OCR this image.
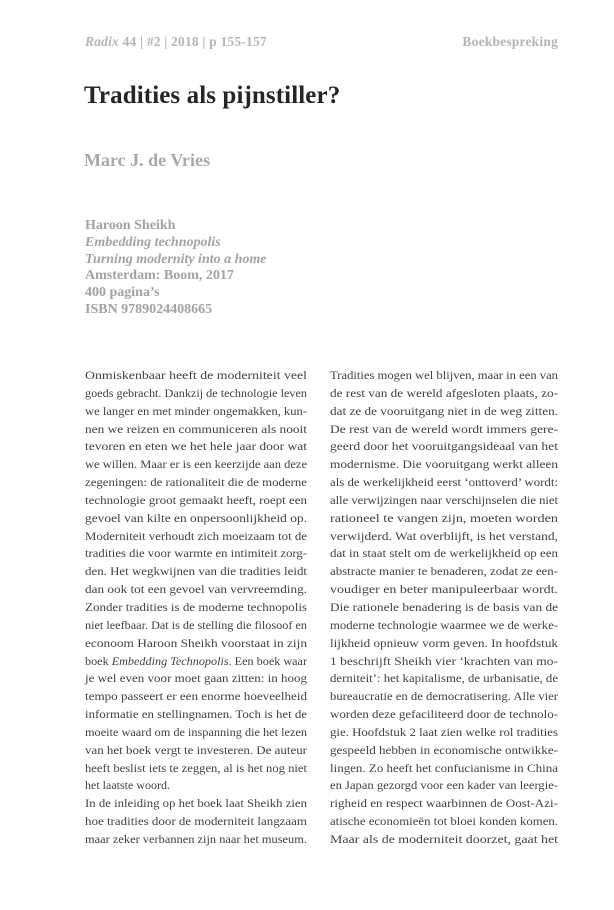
Radix 44 | #2 | 2018 | p 155-157	Boekbespreking
Tradities als pijnstiller?
Marc J. de Vries
Haroon Sheikh
Embedding technopolis
Turning modernity into a home
Amsterdam: Boom, 2017
400 pagina’s
ISBN 9789024408665
Onmiskenbaar heeft de moderniteit veel
goeds gebracht. Dankzij de technologie leven
we langer en met minder ongemakken, kun-
nen we reizen en communiceren als nooit
tevoren en eten we het hele jaar door wat
we willen. Maar er is een keerzijde aan deze
zegeningen: de rationaliteit die de moderne
technologie groot gemaakt heeft, roept een
gevoel van kilte en onpersoonlijkheid op.
Moderniteit verhoudt zich moeizaam tot de
tradities die voor warmte en intimiteit zorg-
den. Het wegkwijnen van die tradities leidt
dan ook tot een gevoel van vervreemding.
Zonder tradities is de moderne technopolis
niet leefbaar. Dat is de stelling die filosoof en
econoom Haroon Sheikh voorstaat in zijn
boek Embedding Technopolis. Een boek waar
je wel even voor moet gaan zitten: in hoog
tempo passeert er een enorme hoeveelheid
informatie en stellingnamen. Toch is het de
moeite waard om de inspanning die het lezen
van het boek vergt te investeren. De auteur
heeft beslist iets te zeggen, al is het nog niet
het laatste woord.
In de inleiding op het boek laat Sheikh zien
hoe tradities door de moderniteit langzaam
maar zeker verbannen zijn naar het museum.
Tradities mogen wel blijven, maar in een van
de rest van de wereld afgesloten plaats, zo-
dat ze de vooruitgang niet in de weg zitten.
De rest van de wereld wordt immers gere-
geerd door het vooruitgangsideaal van het
modernisme. Die vooruitgang werkt alleen
als de werkelijkheid eerst ‘onttoverd’ wordt:
alle verwijzingen naar verschijnselen die niet
rationeel te vangen zijn, moeten worden
verwijderd. Wat overblijft, is het verstand,
dat in staat stelt om de werkelijkheid op een
abstracte manier te benaderen, zodat ze een-
voudiger en beter manipuleerbaar wordt.
Die rationele benadering is de basis van de
moderne technologie waarmee we de werke-
lijkheid opnieuw vorm geven. In hoofdstuk
1 beschrijft Sheikh vier ‘krachten van mo-
derniteit’: het kapitalisme, de urbanisatie, de
bureaucratie en de democratisering. Alle vier
worden deze gefaciliteerd door de technolo-
gie. Hoofdstuk 2 laat zien welke rol tradities
gespeeld hebben in economische ontwikke-
lingen. Zo heeft het confucianisme in China
en Japan gezorgd voor een kader van leergie-
righeid en respect waarbinnen de Oost-Azi-
atische economieën tot bloei konden komen.
Maar als de moderniteit doorzet, gaat het
